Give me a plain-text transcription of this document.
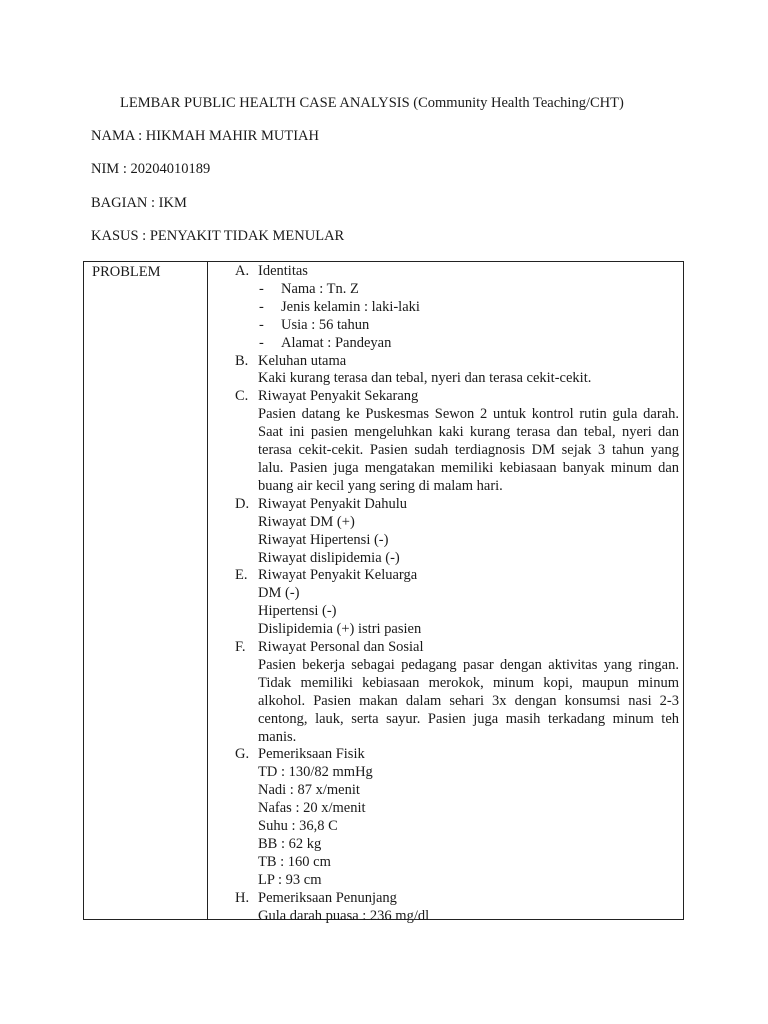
LEMBAR PUBLIC HEALTH CASE ANALYSIS (Community Health Teaching/CHT)
NAMA : HIKMAH MAHIR MUTIAH
NIM : 20204010189
BAGIAN : IKM
KASUS : PENYAKIT TIDAK MENULAR
PROBLEM	A. Identitas
- Nama : Tn. Z
- Jenis kelamin : laki-laki
- Usia : 56 tahun
- Alamat : Pandeyan
B. Keluhan utama
Kaki kurang terasa dan tebal, nyeri dan terasa cekit-cekit.
C. Riwayat Penyakit Sekarang
Pasien datang ke Puskesmas Sewon 2 untuk kontrol rutin gula darah. Saat ini pasien mengeluhkan kaki kurang terasa dan tebal, nyeri dan terasa cekit-cekit. Pasien sudah terdiagnosis DM sejak 3 tahun yang lalu. Pasien juga mengatakan memiliki kebiasaan banyak minum dan buang air kecil yang sering di malam hari.
D. Riwayat Penyakit Dahulu
Riwayat DM (+)
Riwayat Hipertensi (-)
Riwayat dislipidemia (-)
E. Riwayat Penyakit Keluarga
DM (-)
Hipertensi (-)
Dislipidemia (+) istri pasien
F. Riwayat Personal dan Sosial
Pasien bekerja sebagai pedagang pasar dengan aktivitas yang ringan. Tidak memiliki kebiasaan merokok, minum kopi, maupun minum alkohol. Pasien makan dalam sehari 3x dengan konsumsi nasi 2-3 centong, lauk, serta sayur. Pasien juga masih terkadang minum teh manis.
G. Pemeriksaan Fisik
TD : 130/82 mmHg
Nadi : 87 x/menit
Nafas : 20 x/menit
Suhu : 36,8 C
BB : 62 kg
TB : 160 cm
LP : 93 cm
H. Pemeriksaan Penunjang
Gula darah puasa : 236 mg/dl
